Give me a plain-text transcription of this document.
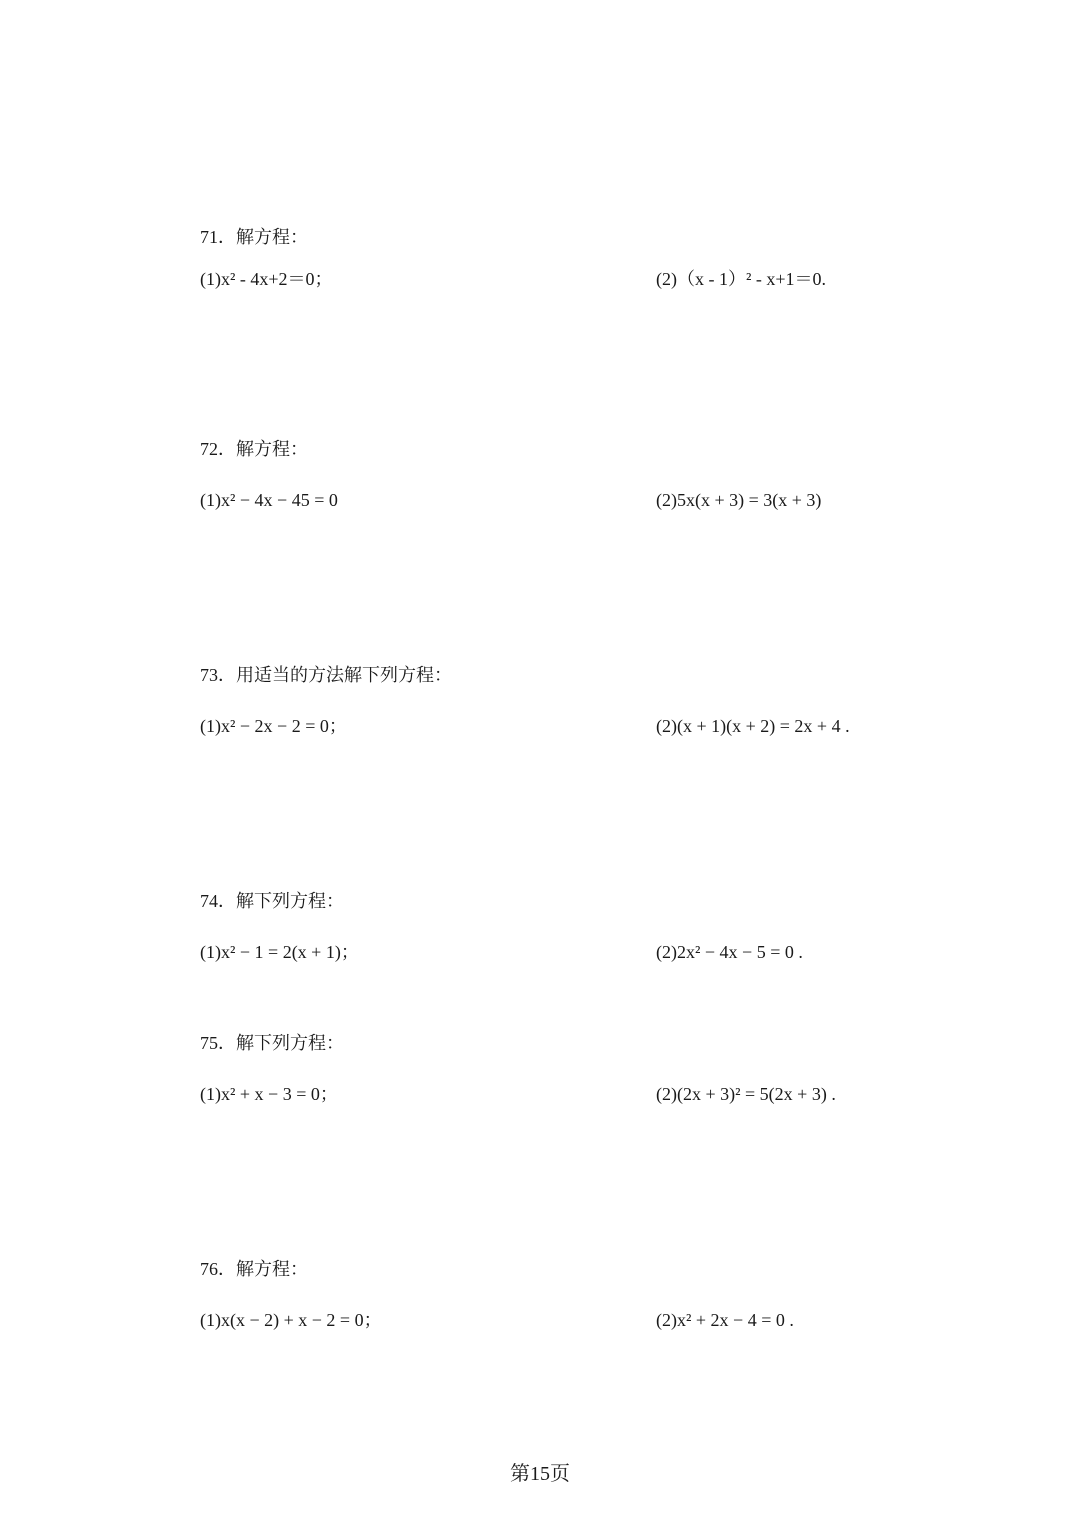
71．解方程：
(1)x² - 4x+2＝0；	(2)（x - 1）² - x+1＝0.
72．解方程：
(1)x² − 4x − 45 = 0	(2)5x(x + 3) = 3(x + 3)
73．用适当的方法解下列方程：
(1)x² − 2x − 2 = 0；	(2)(x + 1)(x + 2) = 2x + 4 .
74．解下列方程：
(1)x² − 1 = 2(x + 1)；	(2)2x² − 4x − 5 = 0 .
75．解下列方程：
(1)x² + x − 3 = 0；	(2)(2x + 3)² = 5(2x + 3) .
76．解方程：
(1)x(x − 2) + x − 2 = 0；	(2)x² + 2x − 4 = 0 .
第15页
